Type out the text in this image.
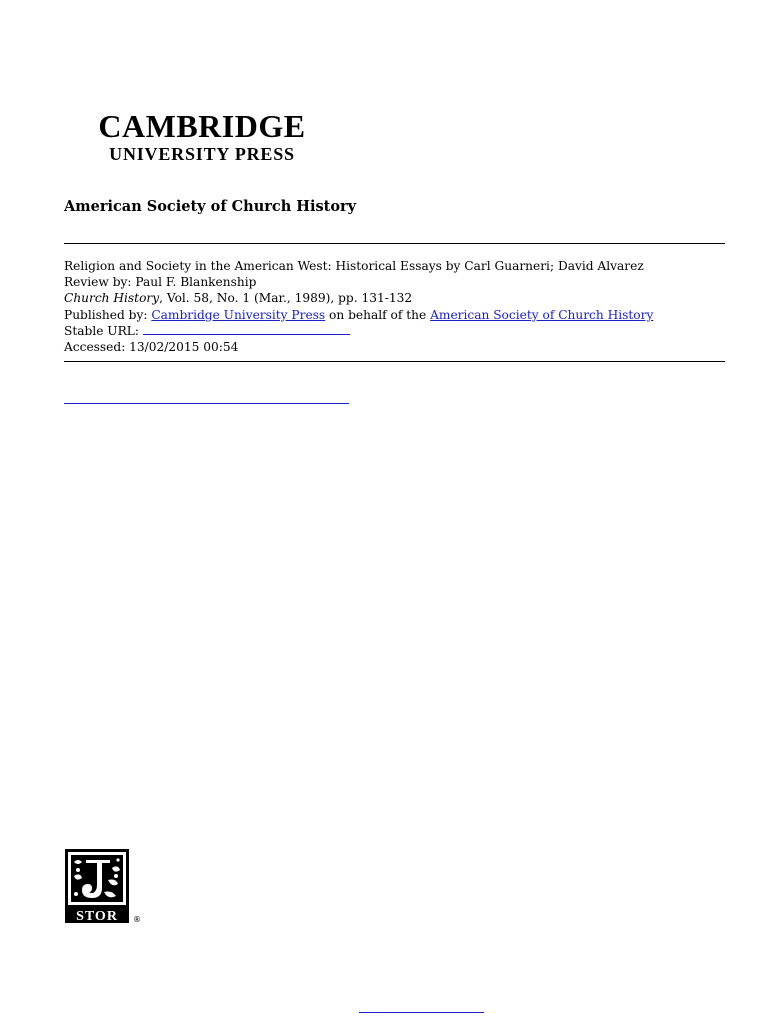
CAMBRIDGE
UNIVERSITY PRESS
American Society of Church History
Religion and Society in the American West: Historical Essays by Carl Guarneri; David Alvarez
Review by: Paul F. Blankenship
Church History, Vol. 58, No. 1 (Mar., 1989), pp. 131-132
Published by: Cambridge University Press on behalf of the American Society of Church History
Stable URL:
Accessed: 13/02/2015 00:54
STOR ®
